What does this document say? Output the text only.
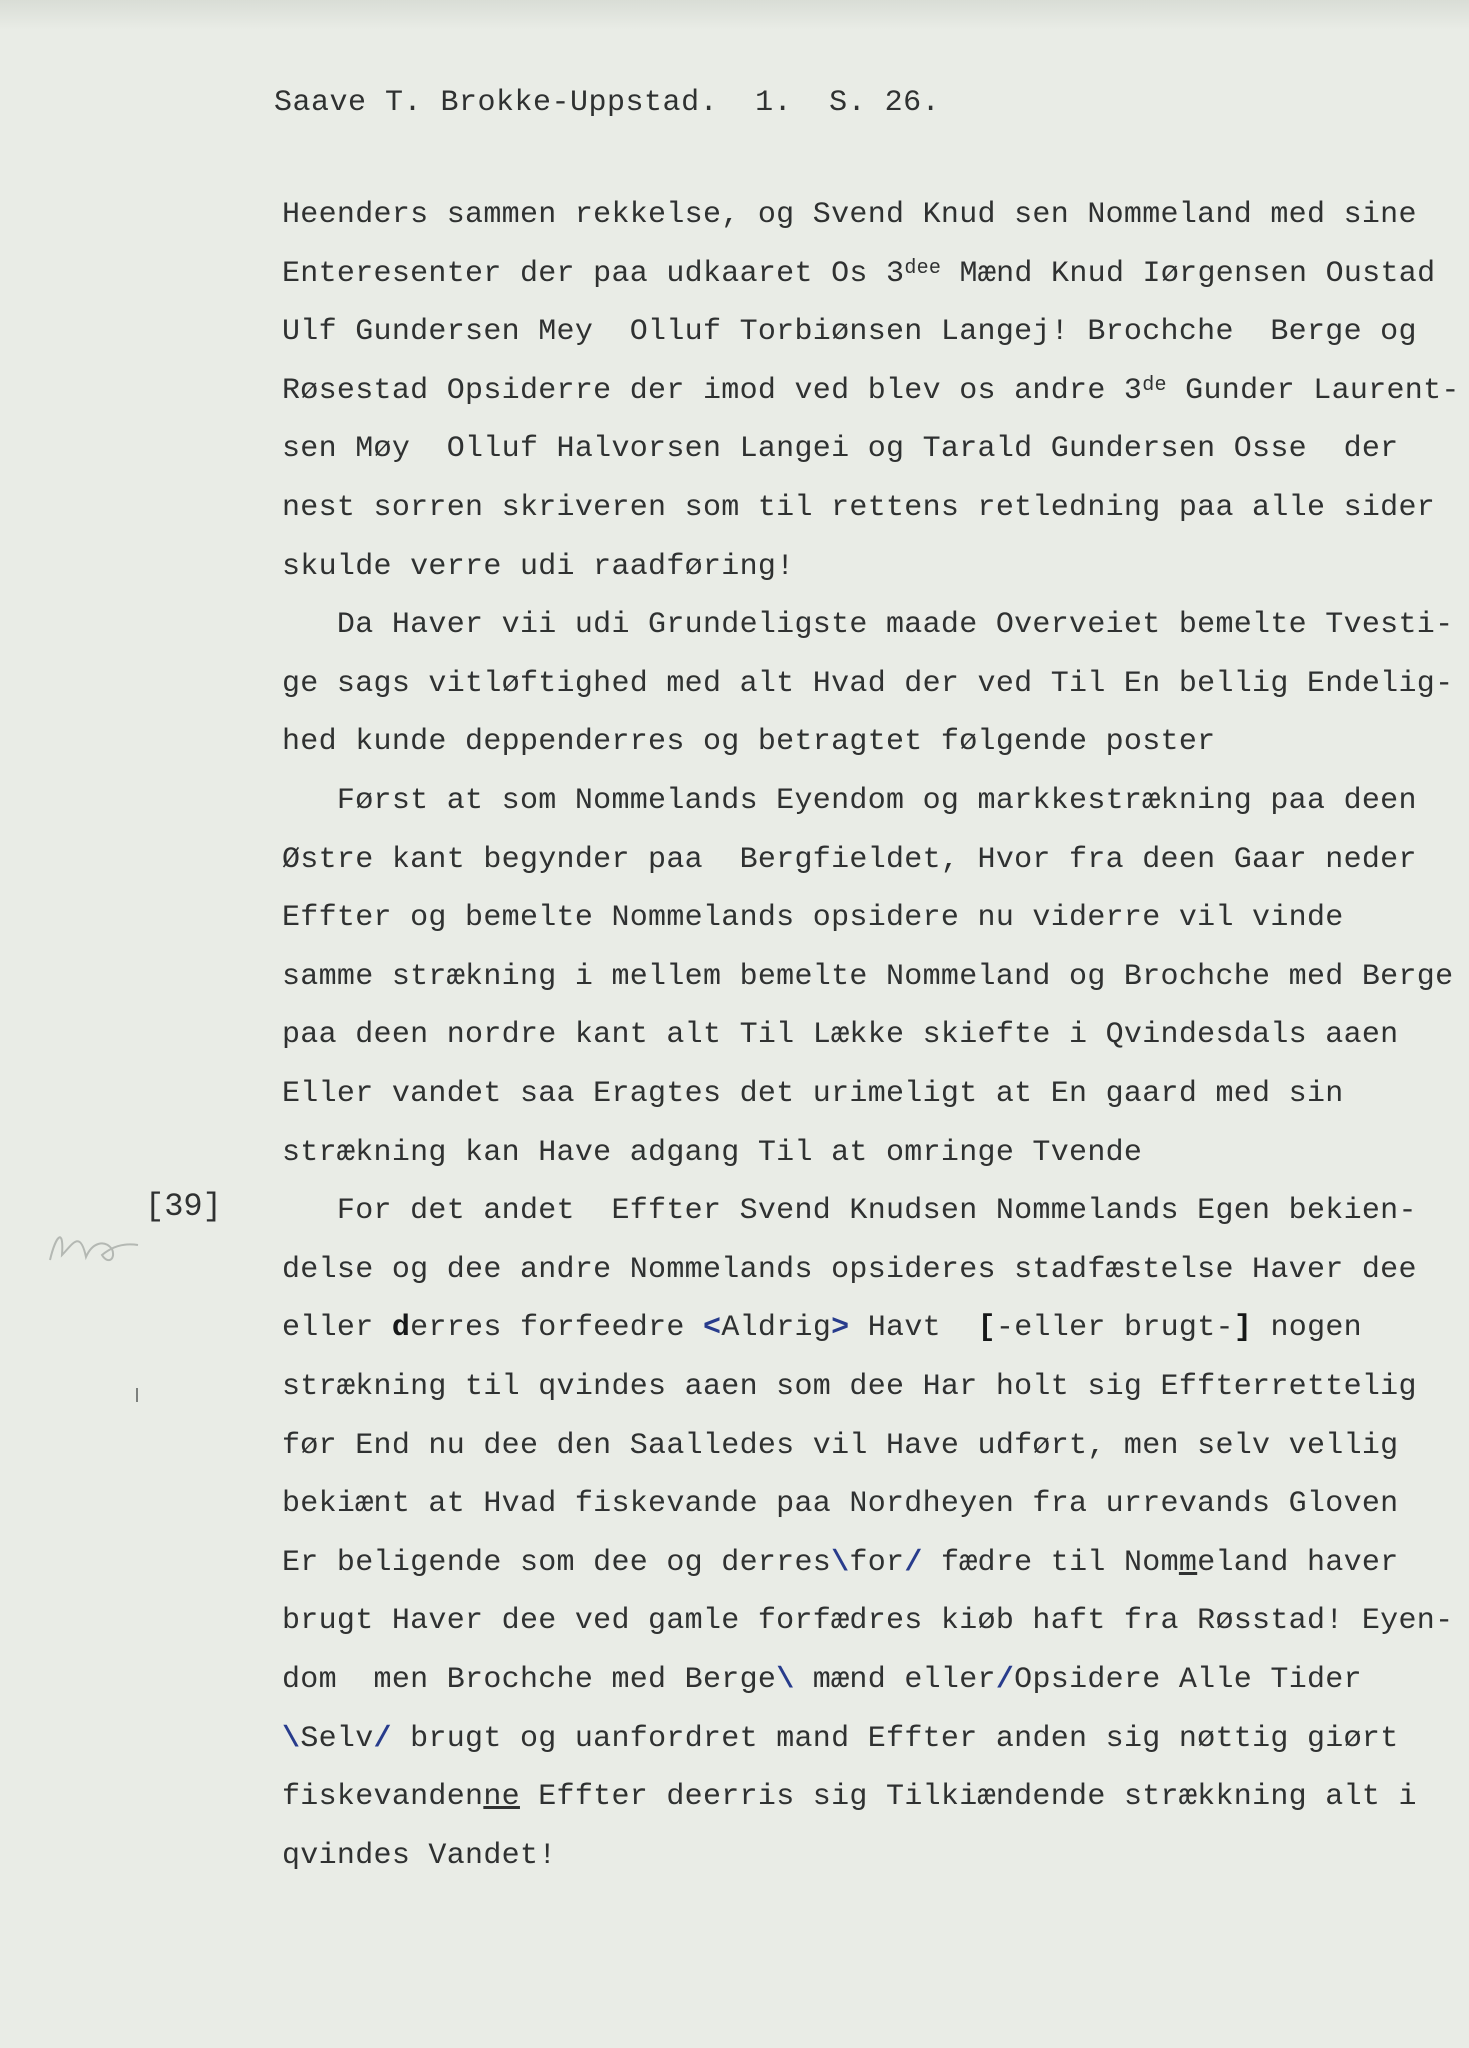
Saave T. Brokke-Uppstad.  1.  S. 26.
Heenders sammen rekkelse, og Svend Knud sen Nommeland med sine
Enteresenter der paa udkaaret Os $3^{dee}$ Mænd Knud Iørgensen Oustad
Ulf Gundersen Mey  Olluf Torbiønsen Langej! Brochche  Berge og
Røsestad Opsiderre der imod ved blev os andre 3de Gunder Laurent-
sen Møy  Olluf Halvorsen Langei og Tarald Gundersen Osse  der
nest sorren skriveren som til rettens retledning paa alle sider
skulde verre udi raadføring!
Da Haver vii udi Grundeligste maade Overveiet bemelte Tvesti-
ge sags vitløftighed med alt Hvad der ved Til En bellig Endelig-
hed kunde deppenderres og betragtet følgende poster
Først at som Nommelands Eyendom og markkestrækning paa deen
Østre kant begynder paa  Bergfieldet, Hvor fra deen Gaar neder
Effter og bemelte Nommelands opsidere nu viderre vil vinde
samme strækning i mellem bemelte Nommeland og Brochche med Berge
paa deen nordre kant alt Til Lække skiefte i Qvindesdals aaen
Eller vandet saa Eragtes det urimeligt at En gaard med sin
strækning kan Have adgang Til at omringe Tvende
For det andet  Effter Svend Knudsen Nommelands Egen bekien-
delse og dee andre Nommelands opsideres stadfæstelse Haver dee
eller derres forfeedre <Aldrig> Havt  [-eller brugt-] nogen
strækning til qvindes aaen som dee Har holt sig Effterrettelig
før End nu dee den Saalledes vil Have udført, men selv vellig
bekiænt at Hvad fiskevande paa Nordheyen fra urrevands Gloven
Er beligende som dee og derres\for/ fædre til Nommeland haver
brugt Haver dee ved gamle forfædres kiøb haft fra Røsstad! Eyen-
dom  men Brochche med Berge\ mænd eller/Opsidere Alle Tider
\Selv/ brugt og uanfordret mand Effter anden sig nøttig giørt
fiskevandenne Effter deerris sig Tilkiændende strækkning alt i
qvindes Vandet!
[39]
